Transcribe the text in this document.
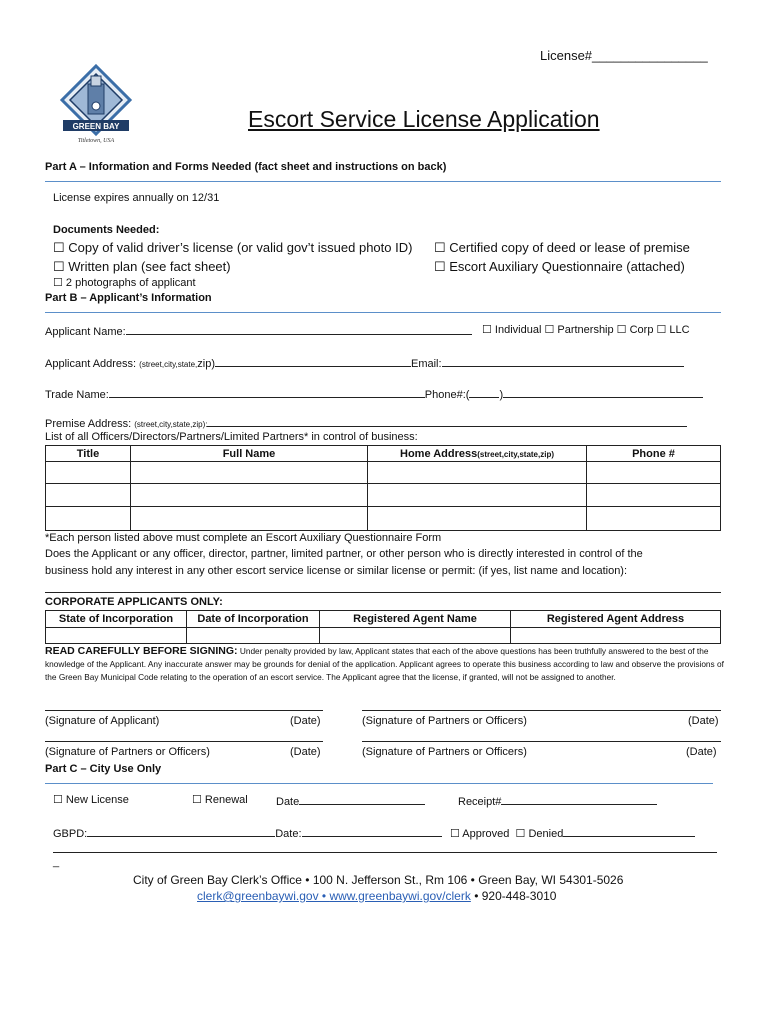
License#________________
GREEN BAY
Titletown, USA
Escort Service License Application
Part A – Information and Forms Needed (fact sheet and instructions on back)
License expires annually on 12/31
Documents Needed:
☐ Copy of valid driver’s license (or valid gov’t issued photo ID) ☐ Certified copy of deed or lease of premise
☐ Written plan (see fact sheet)	☐ Escort Auxiliary Questionnaire (attached)
☐ 2 photographs of applicant
Part B – Applicant’s Information
Applicant Name:	☐ Individual ☐ Partnership ☐ Corp ☐ LLC
Applicant Address: (street,city,state,zip)	Email:
Trade Name:	Phone#:(	)
Premise Address: (street,city,state,zip):
List of all Officers/Directors/Partners/Limited Partners* in control of business:
Title	Full Name	Home Address(street,city,state,zip)	Phone #

*Each person listed above must complete an Escort Auxiliary Questionnaire Form
Does the Applicant or any officer, director, partner, limited partner, or other person who is directly interested in control of the
business hold any interest in any other escort service license or similar license or permit: (if yes, list name and location):
CORPORATE APPLICANTS ONLY:
State of Incorporation	Date of Incorporation	Registered Agent Name	Registered Agent Address

READ CAREFULLY BEFORE SIGNING: Under penalty provided by law, Applicant states that each of the above questions has been truthfully answered to the best of the knowledge of the Applicant. Any inaccurate answer may be grounds for denial of the application. Applicant agrees to operate this business according to law and observe the provisions of the Green Bay Municipal Code relating to the operation of an escort service. The Applicant agree that the license, if granted, will not be assigned to another.
(Signature of Applicant)	(Date)	(Signature of Partners or Officers)	(Date)
(Signature of Partners or Officers)	(Date)	(Signature of Partners or Officers)	(Date)
Part C – City Use Only
☐ New License	☐ Renewal	Date	Receipt#
GBPD:	Date:	☐ Approved ☐ Denied
_
City of Green Bay Clerk’s Office • 100 N. Jefferson St., Rm 106 • Green Bay, WI 54301-5026
clerk@greenbaywi.gov • www.greenbaywi.gov/clerk • 920-448-3010
